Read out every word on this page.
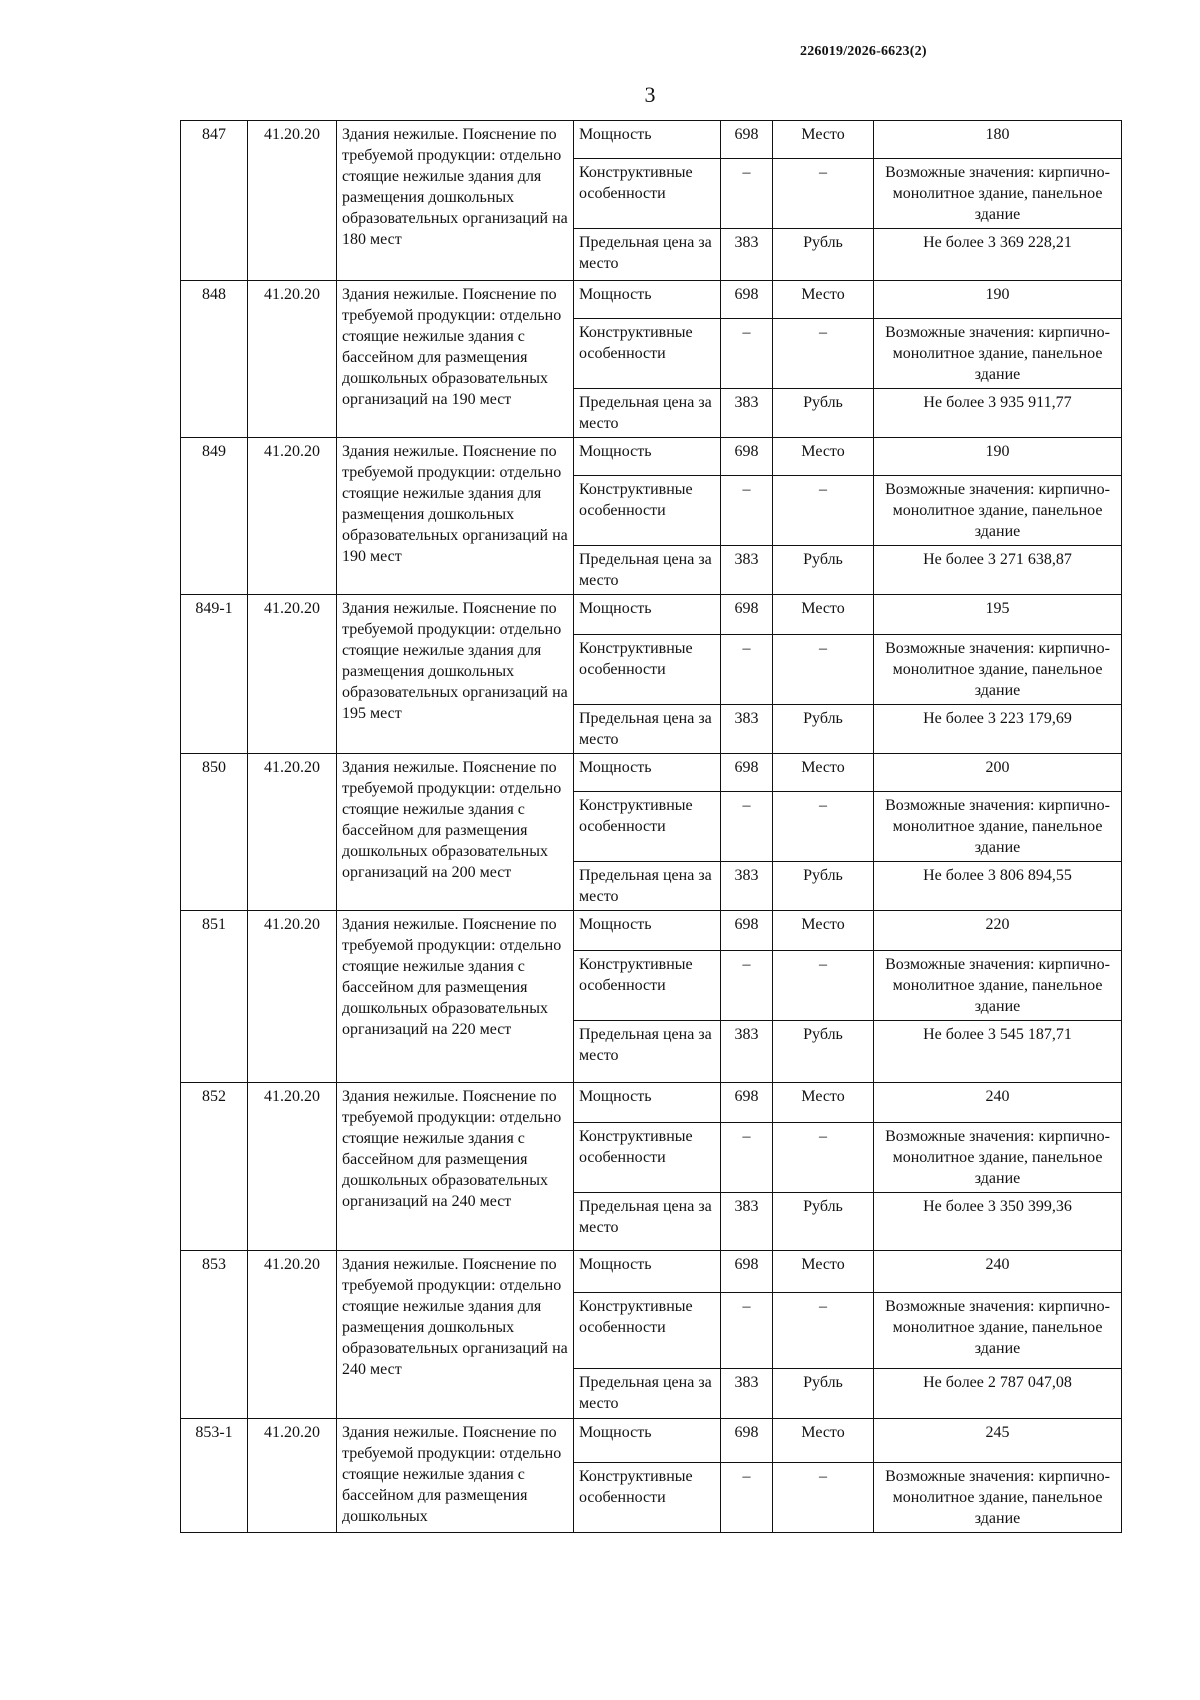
226019/2026-6623(2)
3
847	41.20.20	Здания нежилые. Пояснение по требуемой продукции: отдельно стоящие нежилые здания для размещения дошкольных образовательных организаций на 180 мест	Мощность	698	Место	180
			Конструктивные особенности	–	–	Возможные значения: кирпично-монолитное здание, панельное здание
			Предельная цена за место	383	Рубль	Не более 3 369 228,21
848	41.20.20	Здания нежилые. Пояснение по требуемой продукции: отдельно стоящие нежилые здания с бассейном для размещения дошкольных образовательных организаций на 190 мест	Мощность	698	Место	190
			Конструктивные особенности	–	–	Возможные значения: кирпично-монолитное здание, панельное здание
			Предельная цена за место	383	Рубль	Не более 3 935 911,77
849	41.20.20	Здания нежилые. Пояснение по требуемой продукции: отдельно стоящие нежилые здания для размещения дошкольных образовательных организаций на 190 мест	Мощность	698	Место	190
			Конструктивные особенности	–	–	Возможные значения: кирпично-монолитное здание, панельное здание
			Предельная цена за место	383	Рубль	Не более 3 271 638,87
849-1	41.20.20	Здания нежилые. Пояснение по требуемой продукции: отдельно стоящие нежилые здания для размещения дошкольных образовательных организаций на 195 мест	Мощность	698	Место	195
			Конструктивные особенности	–	–	Возможные значения: кирпично-монолитное здание, панельное здание
			Предельная цена за место	383	Рубль	Не более 3 223 179,69
850	41.20.20	Здания нежилые. Пояснение по требуемой продукции: отдельно стоящие нежилые здания с бассейном для размещения дошкольных образовательных организаций на 200 мест	Мощность	698	Место	200
			Конструктивные особенности	–	–	Возможные значения: кирпично-монолитное здание, панельное здание
			Предельная цена за место	383	Рубль	Не более 3 806 894,55
851	41.20.20	Здания нежилые. Пояснение по требуемой продукции: отдельно стоящие нежилые здания с бассейном для размещения дошкольных образовательных организаций на 220 мест	Мощность	698	Место	220
			Конструктивные особенности	–	–	Возможные значения: кирпично-монолитное здание, панельное здание
			Предельная цена за место	383	Рубль	Не более 3 545 187,71
852	41.20.20	Здания нежилые. Пояснение по требуемой продукции: отдельно стоящие нежилые здания с бассейном для размещения дошкольных образовательных организаций на 240 мест	Мощность	698	Место	240
			Конструктивные особенности	–	–	Возможные значения: кирпично-монолитное здание, панельное здание
			Предельная цена за место	383	Рубль	Не более 3 350 399,36
853	41.20.20	Здания нежилые. Пояснение по требуемой продукции: отдельно стоящие нежилые здания для размещения дошкольных образовательных организаций на 240 мест	Мощность	698	Место	240
			Конструктивные особенности	–	–	Возможные значения: кирпично-монолитное здание, панельное здание
			Предельная цена за место	383	Рубль	Не более 2 787 047,08
853-1	41.20.20	Здания нежилые. Пояснение по требуемой продукции: отдельно стоящие нежилые здания с бассейном для размещения дошкольных	Мощность	698	Место	245
			Конструктивные особенности	–	–	Возможные значения: кирпично-монолитное здание, панельное здание
